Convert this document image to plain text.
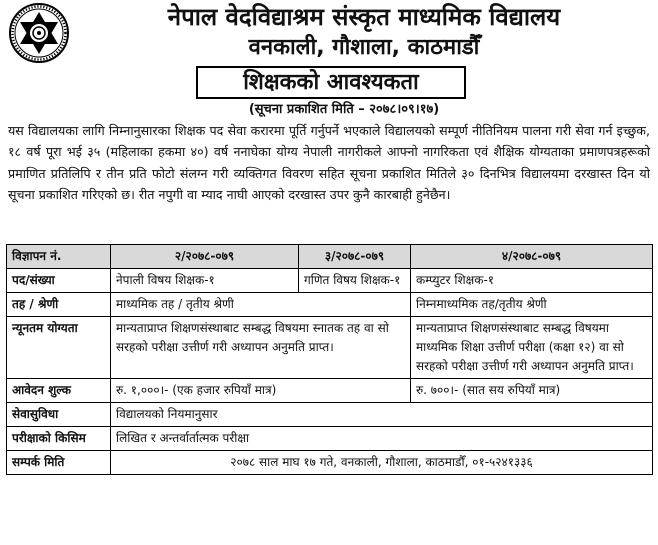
नेपाल वेदविद्याश्रम संस्कृत माध्यमिक विद्यालय
वनकाली, गौशाला, काठमाडौँ
शिक्षकको आवश्यकता
(सूचना प्रकाशित मिति – २०७८।०९।१७)
यस विद्यालयका लागि निम्नानुसारका शिक्षक पद सेवा करारमा पूर्ति गर्नुपर्ने भएकाले विद्यालयको सम्पूर्ण नीतिनियम पालना गरी सेवा गर्न इच्छुक, १८ वर्ष पूरा भई ३५ (महिलाका हकमा ४०) वर्ष ननाघेका योग्य नेपाली नागरीकले आफ्नो नागरिकता एवं शैक्षिक योग्यताका प्रमाणपत्रहरूको प्रमाणित प्रतिलिपि र तीन प्रति फोटो संलग्न गरी व्यक्तिगत विवरण सहित सूचना प्रकाशित मितिले ३० दिनभित्र विद्यालयमा दरखास्त दिन यो सूचना प्रकाशित गरिएको छ। रीत नपुगी वा म्याद नाघी आएको दरखास्त उपर कुनै कारबाही हुनेछैन।
विज्ञापन नं.	२/२०७८-०७९	३/२०७८-०७९	४/२०७८-०७९
पद/संख्या	नेपाली विषय शिक्षक-१	गणित विषय शिक्षक-१	कम्प्युटर शिक्षक-१
तह / श्रेणी	माध्यमिक तह / तृतीय श्रेणी		निम्नमाध्यमिक तह/तृतीय श्रेणी
न्यूनतम योग्यता	मान्यताप्राप्त शिक्षणसंस्थाबाट सम्बद्ध विषयमा स्नातक तह वा सो सरहको परीक्षा उत्तीर्ण गरी अध्यापन अनुमति प्राप्त।		मान्यताप्राप्त शिक्षणसंस्थाबाट सम्बद्ध विषयमा माध्यमिक शिक्षा उत्तीर्ण परीक्षा (कक्षा १२) वा सो सरहको परीक्षा उत्तीर्ण गरी अध्यापन अनुमति प्राप्त।
आवेदन शुल्क	रु. १,०००।- (एक हजार रुपियाँ मात्र)		रु. ७००।- (सात सय रुपियाँ मात्र)
सेवासुविधा	विद्यालयको नियमानुसार		
परीक्षाको किसिम	लिखित र अन्तर्वार्तात्मक परीक्षा		
सम्पर्क मिति	२०७८ साल माघ १७ गते, वनकाली, गौशाला, काठमाडौँ, ०१-५२४१३३६		
